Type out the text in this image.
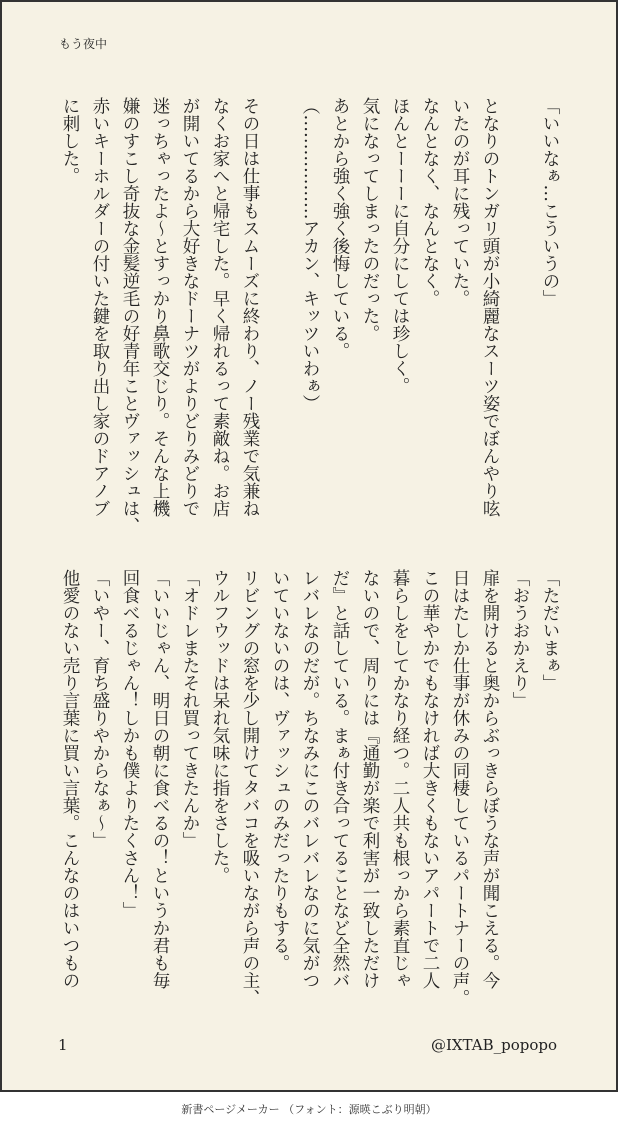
もう夜中
「いいなぁ…こういうの」
となりのトンガリ頭が小綺麗なスーツ姿でぼんやり呟
いたのが耳に残っていた。
なんとなく、なんとなく。
ほんとーーーに自分にしては珍しく。
気になってしまったのだった。
あとから強く強く後悔している。
（………………アカン、キッツいわぁ）
その日は仕事もスムーズに終わり、ノー残業で気兼ね
なくお家へと帰宅した。早く帰れるって素敵ね。お店
が開いてるから大好きなドーナツがよりどりみどりで
迷っちゃったよ～とすっかり鼻歌交じり。そんな上機
嫌のすこし奇抜な金髪逆毛の好青年ことヴァッシュは、
赤いキーホルダーの付いた鍵を取り出し家のドアノブ
に刺した。
「ただいまぁ」
「おうおかえり」
扉を開けると奥からぶっきらぼうな声が聞こえる。今
日はたしか仕事が休みの同棲しているパートナーの声。
この華やかでもなければ大きくもないアパートで二人
暮らしをしてかなり経つ。二人共も根っから素直じゃ
ないので、周りには『通勤が楽で利害が一致しただけ
だ』と話している。まぁ付き合ってることなど全然バ
レバレなのだが。ちなみにこのバレバレなのに気がつ
いていないのは、ヴァッシュのみだったりもする。
リビングの窓を少し開けてタバコを吸いながら声の主、
ウルフウッドは呆れ気味に指をさした。
「オドレまたそれ買ってきたんか」
「いいじゃん、明日の朝に食べるの！というか君も毎
回食べるじゃん！しかも僕よりたくさん！」
「いやー、育ち盛りやからなぁ～」
他愛のない売り言葉に買い言葉。こんなのはいつもの
1	@IXTAB_popopo
新書ページメーカー （フォント：源暎こぶり明朝）
